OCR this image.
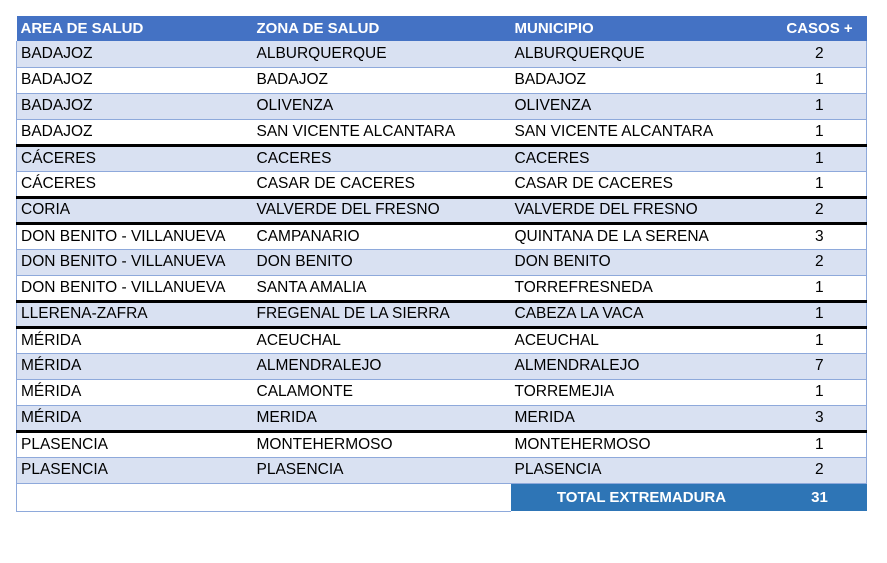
AREA DE SALUD	ZONA DE SALUD	MUNICIPIO	CASOS +
BADAJOZ	ALBURQUERQUE	ALBURQUERQUE	2
BADAJOZ	BADAJOZ	BADAJOZ	1
BADAJOZ	OLIVENZA	OLIVENZA	1
BADAJOZ	SAN VICENTE ALCANTARA	SAN VICENTE ALCANTARA	1
CÁCERES	CACERES	CACERES	1
CÁCERES	CASAR DE CACERES	CASAR DE CACERES	1
CORIA	VALVERDE DEL FRESNO	VALVERDE DEL FRESNO	2
DON BENITO - VILLANUEVA	CAMPANARIO	QUINTANA DE LA SERENA	3
DON BENITO - VILLANUEVA	DON BENITO	DON BENITO	2
DON BENITO - VILLANUEVA	SANTA AMALIA	TORREFRESNEDA	1
LLERENA-ZAFRA	FREGENAL DE LA SIERRA	CABEZA LA VACA	1
MÉRIDA	ACEUCHAL	ACEUCHAL	1
MÉRIDA	ALMENDRALEJO	ALMENDRALEJO	7
MÉRIDA	CALAMONTE	TORREMEJIA	1
MÉRIDA	MERIDA	MERIDA	3
PLASENCIA	MONTEHERMOSO	MONTEHERMOSO	1
PLASENCIA	PLASENCIA	PLASENCIA	2
		TOTAL EXTREMADURA	31
